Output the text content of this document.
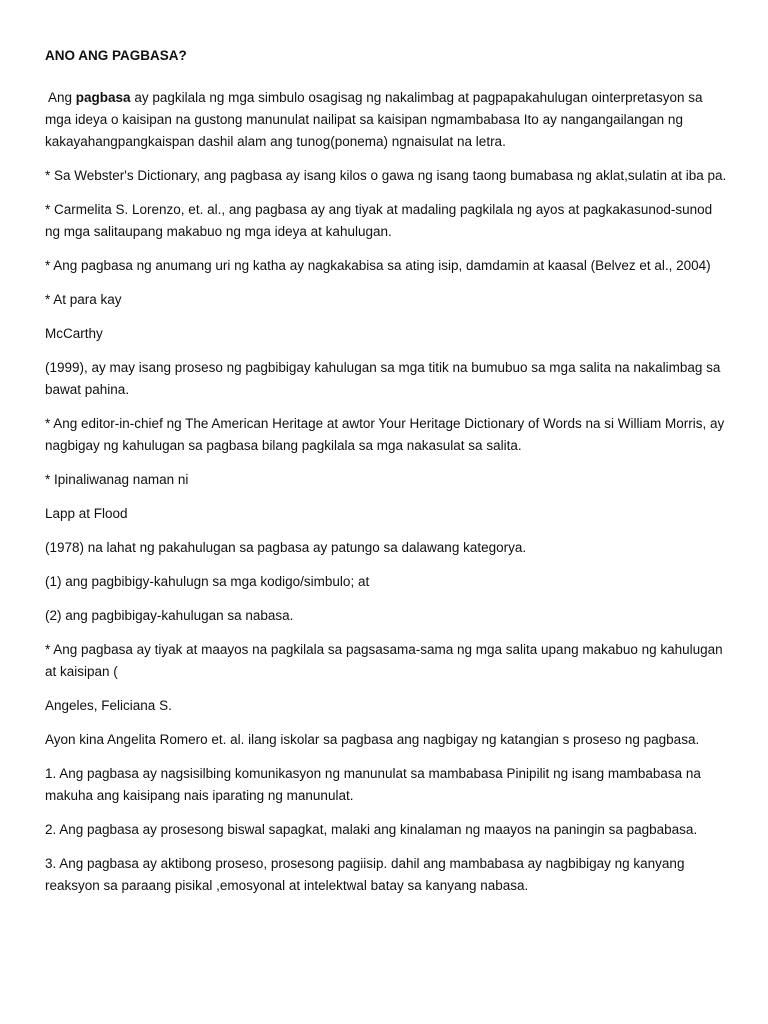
ANO ANG PAGBASA?

Ang pagbasa ay pagkilala ng mga simbulo osagisag ng nakalimbag at pagpapakahulugan ointerpretasyon sa mga ideya o kaisipan na gustong manunulat nailipat sa kaisipan ngmambabasa Ito ay nangangailangan ng kakayahangpangkaispan dashil alam ang tunog(ponema) ngnaisulat na letra.

* Sa Webster's Dictionary, ang pagbasa ay isang kilos o gawa ng isang taong bumabasa ng aklat,sulatin at iba pa.

* Carmelita S. Lorenzo, et. al., ang pagbasa ay ang tiyak at madaling pagkilala ng ayos at pagkakasunod-sunod ng mga salitaupang makabuo ng mga ideya at kahulugan.

* Ang pagbasa ng anumang uri ng katha ay nagkakabisa sa ating isip, damdamin at kaasal (Belvez et al., 2004)

* At para kay

McCarthy

(1999), ay may isang proseso ng pagbibigay kahulugan sa mga titik na bumubuo sa mga salita na nakalimbag sa bawat pahina.

* Ang editor-in-chief ng The American Heritage at awtor Your Heritage Dictionary of Words na si William Morris, ay nagbigay ng kahulugan sa pagbasa bilang pagkilala sa mga nakasulat sa salita.

* Ipinaliwanag naman ni

Lapp at Flood

(1978) na lahat ng pakahulugan sa pagbasa ay patungo sa dalawang kategorya.

(1) ang pagbibigy-kahulugn sa mga kodigo/simbulo; at

(2) ang pagbibigay-kahulugan sa nabasa.

* Ang pagbasa ay tiyak at maayos na pagkilala sa pagsasama-sama ng mga salita upang makabuo ng kahulugan at kaisipan (

Angeles, Feliciana S.

Ayon kina Angelita Romero et. al. ilang iskolar sa pagbasa ang nagbigay ng katangian s proseso ng pagbasa.

1. Ang pagbasa ay nagsisilbing komunikasyon ng manunulat sa mambabasa Pinipilit ng isang mambabasa na makuha ang kaisipang nais iparating ng manunulat.

2. Ang pagbasa ay prosesong biswal sapagkat, malaki ang kinalaman ng maayos na paningin sa pagbabasa.

3. Ang pagbasa ay aktibong proseso, prosesong pagiisip. dahil ang mambabasa ay nagbibigay ng kanyang reaksyon sa paraang pisikal ,emosyonal at intelektwal batay sa kanyang nabasa.
